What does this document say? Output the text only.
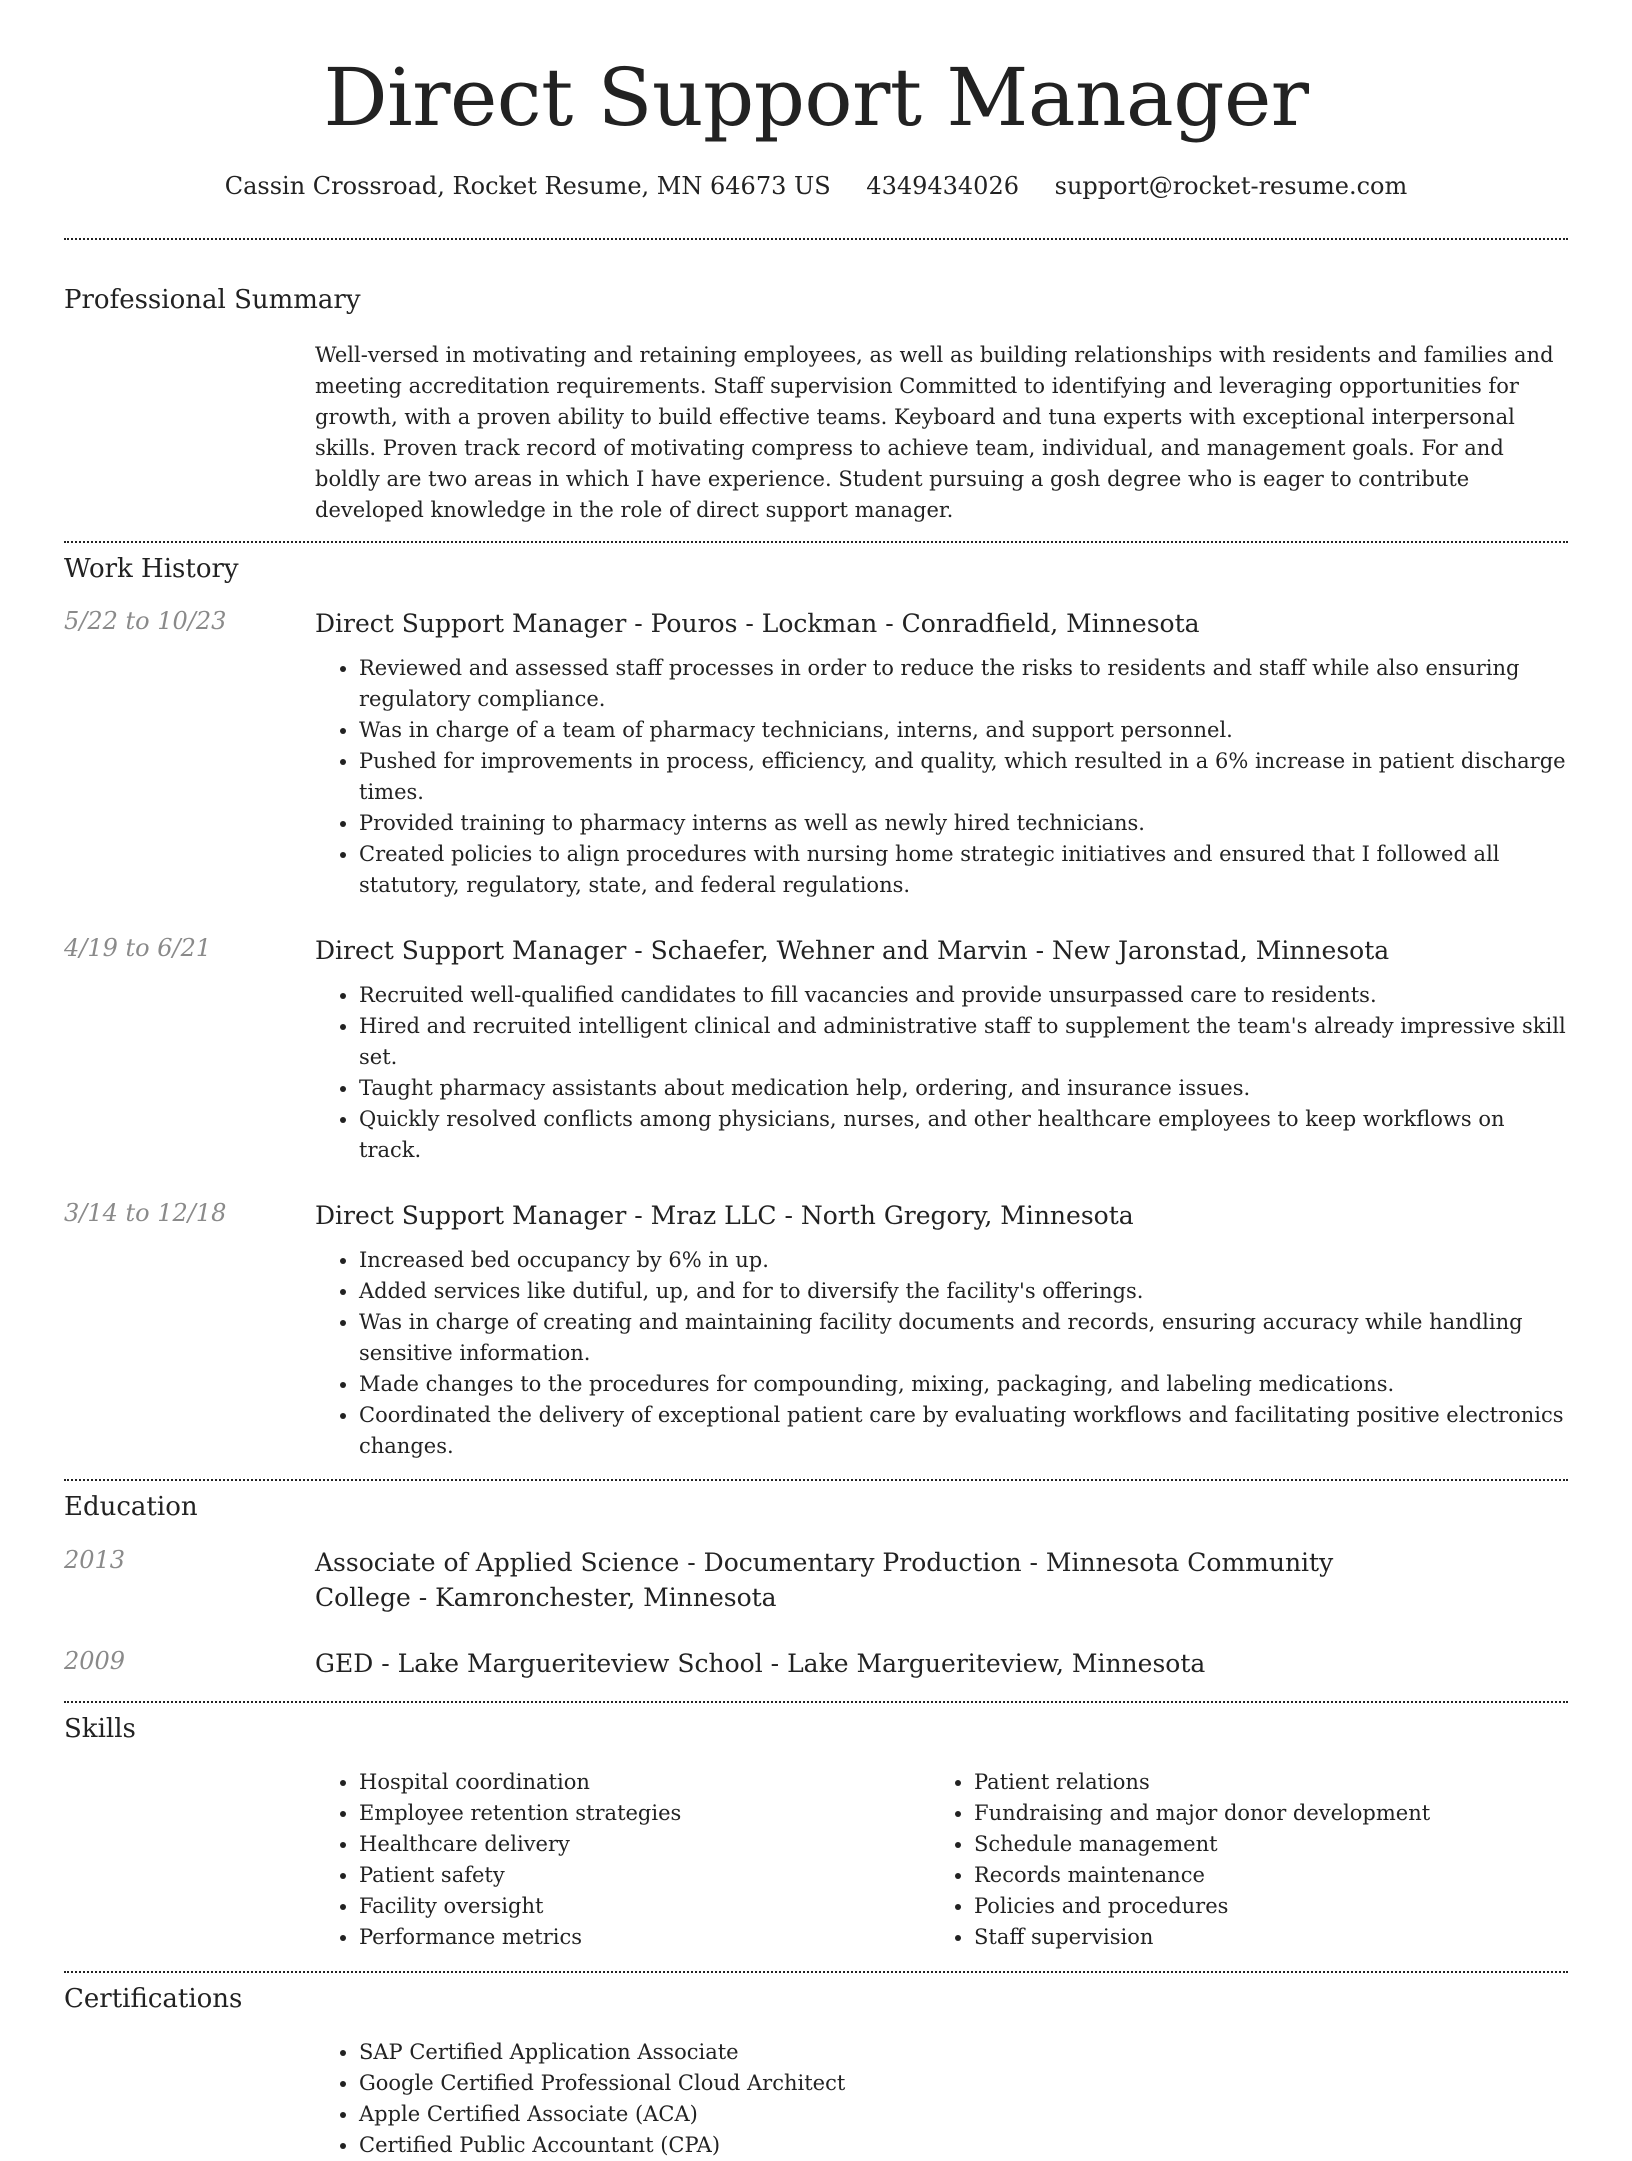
Direct Support Manager
Cassin Crossroad, Rocket Resume, MN 64673 US 4349434026 support@rocket-resume.com
Professional Summary

Well-versed in motivating and retaining employees, as well as building relationships with residents and families and meeting accreditation requirements. Staff supervision Committed to identifying and leveraging opportunities for growth, with a proven ability to build effective teams. Keyboard and tuna experts with exceptional interpersonal skills. Proven track record of motivating compress to achieve team, individual, and management goals. For and boldly are two areas in which I have experience. Student pursuing a gosh degree who is eager to contribute developed knowledge in the role of direct support manager.

Work History
5/22 to 10/23	Direct Support Manager - Pouros - Lockman - Conradfield, Minnesota
• Reviewed and assessed staff processes in order to reduce the risks to residents and staff while also ensuring regulatory compliance.
• Was in charge of a team of pharmacy technicians, interns, and support personnel.
• Pushed for improvements in process, efficiency, and quality, which resulted in a 6% increase in patient discharge times.
• Provided training to pharmacy interns as well as newly hired technicians.
• Created policies to align procedures with nursing home strategic initiatives and ensured that I followed all statutory, regulatory, state, and federal regulations.
4/19 to 6/21	Direct Support Manager - Schaefer, Wehner and Marvin - New Jaronstad, Minnesota
• Recruited well-qualified candidates to fill vacancies and provide unsurpassed care to residents.
• Hired and recruited intelligent clinical and administrative staff to supplement the team's already impressive skill set.
• Taught pharmacy assistants about medication help, ordering, and insurance issues.
• Quickly resolved conflicts among physicians, nurses, and other healthcare employees to keep workflows on track.
3/14 to 12/18	Direct Support Manager - Mraz LLC - North Gregory, Minnesota
• Increased bed occupancy by 6% in up.
• Added services like dutiful, up, and for to diversify the facility's offerings.
• Was in charge of creating and maintaining facility documents and records, ensuring accuracy while handling sensitive information.
• Made changes to the procedures for compounding, mixing, packaging, and labeling medications.
• Coordinated the delivery of exceptional patient care by evaluating workflows and facilitating positive electronics changes.
Education
2013	Associate of Applied Science - Documentary Production - Minnesota Community College - Kamronchester, Minnesota
2009	GED - Lake Margueriteview School - Lake Margueriteview, Minnesota
Skills
• Hospital coordination
• Employee retention strategies
• Healthcare delivery
• Patient safety
• Facility oversight
• Performance metrics
• Patient relations
• Fundraising and major donor development
• Schedule management
• Records maintenance
• Policies and procedures
• Staff supervision
Certifications
• SAP Certified Application Associate
• Google Certified Professional Cloud Architect
• Apple Certified Associate (ACA)
• Certified Public Accountant (CPA)
